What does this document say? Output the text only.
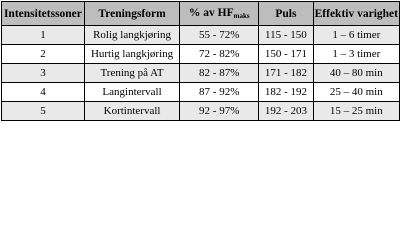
Intensitetssoner	Treningsform	% av $HF_{maks}$	Puls	Effektiv varighet
1	Rolig langkjøring	55 - 72%	115 - 150	1 – 6 timer
2	Hurtig langkjøring	72 - 82%	150 - 171	1 – 3 timer
3	Trening på AT	82 - 87%	171 - 182	40 – 80 min
4	Langintervall	87 - 92%	182 - 192	25 – 40 min
5	Kortintervall	92 - 97%	192 - 203	15 – 25 min
